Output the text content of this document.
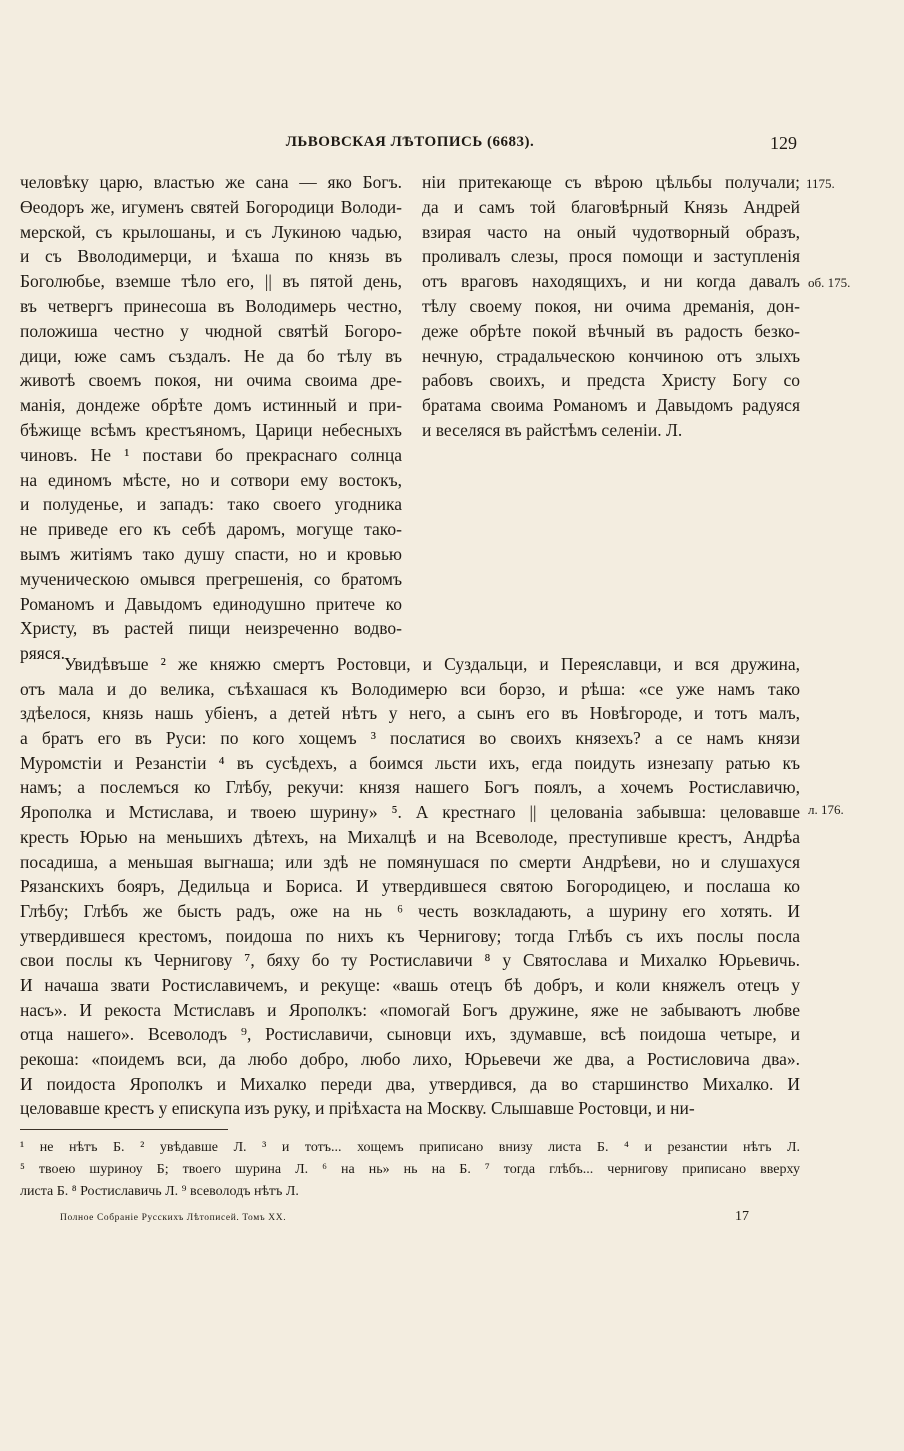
ЛЬВОВСКАЯ ЛѢТОПИСЬ (6683).	129
человѣку царю, властью же сана — яко Богъ.
Өеодоръ же, игуменъ святей Богородици Володи-
мерской, съ крылошаны, и съ Лукиною чадью,
и съ Вволодимерци, и ѣхаша по князь въ
Боголюбье, вземше тѣло его, || въ пятой день,
въ четвергъ принесоша въ Володимерь честно,
положиша честно у чюдной святѣй Богоро-
дици, юже самъ създалъ. Не да бо тѣлу въ
животѣ своемъ покоя, ни очима своима дре-
манія, дондеже обрѣте домъ истинный и при-
бѣжище всѣмъ крестъяномъ, Царици небесныхъ
чиновъ. Не ¹ постави бо прекраснаго солнца
на единомъ мѣсте, но и сотвори ему востокъ,
и полуденье, и западъ: тако своего угодника
не приведе его къ себѣ даромъ, могуще тако-
вымъ житіямъ тако душу спасти, но и кровью
мученическою омывся прегрешенія, со братомъ
Романомъ и Давыдомъ единодушно притече ко
Христу, въ растей пищи неизреченно водво-
ряяся.
ніи притекающе съ вѣрою цѣльбы получали;
да и самъ той благовѣрный Князь Андрей
взирая часто на оный чудотворный образъ,
проливалъ слезы, прося помощи и заступленія
отъ враговъ находящихъ, и ни когда давалъ
тѣлу своему покоя, ни очима дреманія, дон-
деже обрѣте покой вѣчный въ радость безко-
нечную, страдальческою кончиною отъ злыхъ
рабовъ своихъ, и предста Христу Богу со
братама своима Романомъ и Давыдомъ радуяся
и веселяся въ райстѣмъ селеніи. Л.
1175.
об. 175.
Увидѣвъше ² же княжю смертъ Ростовци, и Суздальци, и Переяславци, и вся дружина,
отъ мала и до велика, съѣхашася къ Володимерю вси борзо, и рѣша: «се уже намъ тако
здѣелося, князь нашь убіенъ, а детей нѣтъ у него, а сынъ его въ Новѣгороде, и тотъ малъ,
а братъ его въ Руси: по кого хощемъ ³ послатися во своихъ князехъ? а се намъ князи
Муромстіи и Резанстіи ⁴ въ сусѣдехъ, а боимся льсти ихъ, егда поидуть изнезапу ратью къ
намъ; а послемъся ко Глѣбу, рекучи: князя нашего Богъ поялъ, а хочемъ Ростиславичю,
Ярополка и Мстислава, и твоею шурину» ⁵. А крестнаго || целованіа забывша: целовавше
кресть Юрью на меньшихъ дѣтехъ, на Михалцѣ и на Всеволоде, преступивше крестъ, Андрѣа
посадиша, а меньшая выгнаша; или здѣ не помянушася по смерти Андрѣеви, но и слушахуся
Рязанскихъ бояръ, Дедильца и Бориса. И утвердившеся святою Богородицею, и послаша ко
Глѣбу; Глѣбъ же бысть радъ, оже на нь ⁶ честь возкладають, а шурину его хотять. И
утвердившеся крестомъ, поидоша по нихъ къ Чернигову; тогда Глѣбъ съ ихъ послы посла
свои послы къ Чернигову ⁷, бяху бо ту Ростиславичи ⁸ у Святослава и Михалко Юрьевичь.
И начаша звати Ростиславичемъ, и рекуще: «вашь отецъ бѣ добръ, и коли княжелъ отецъ у
насъ». И рекоста Мстиславъ и Ярополкъ: «помогай Богъ дружине, яже не забываютъ любве
отца нашего». Всеволодъ ⁹, Ростиславичи, сыновци ихъ, здумавше, всѣ поидоша четыре, и
рекоша: «поидемъ вси, да любо добро, любо лихо, Юрьевечи же два, а Ростисловича два».
И поидоста Ярополкъ и Михалко переди два, утвердився, да во старшинство Михалко. И
целовавше крестъ у епискупа изъ руку, и пріѣхаста на Москву. Слышавше Ростовци, и ни-
л. 176.
¹ не нѣтъ Б. ² увѣдавше Л. ³ и тотъ... хощемъ приписано внизу листа Б. ⁴ и резанстии нѣтъ Л.
⁵ твоею шуриноу Б; твоего шурина Л. ⁶ на нь» нь на Б. ⁷ тогда глѣбъ... чернигову приписано вверху
листа Б. ⁸ Ростиславичь Л. ⁹ всеволодъ нѣтъ Л.
Полное Собраніе Русскихъ Лѣтописей. Томъ XX.	17
